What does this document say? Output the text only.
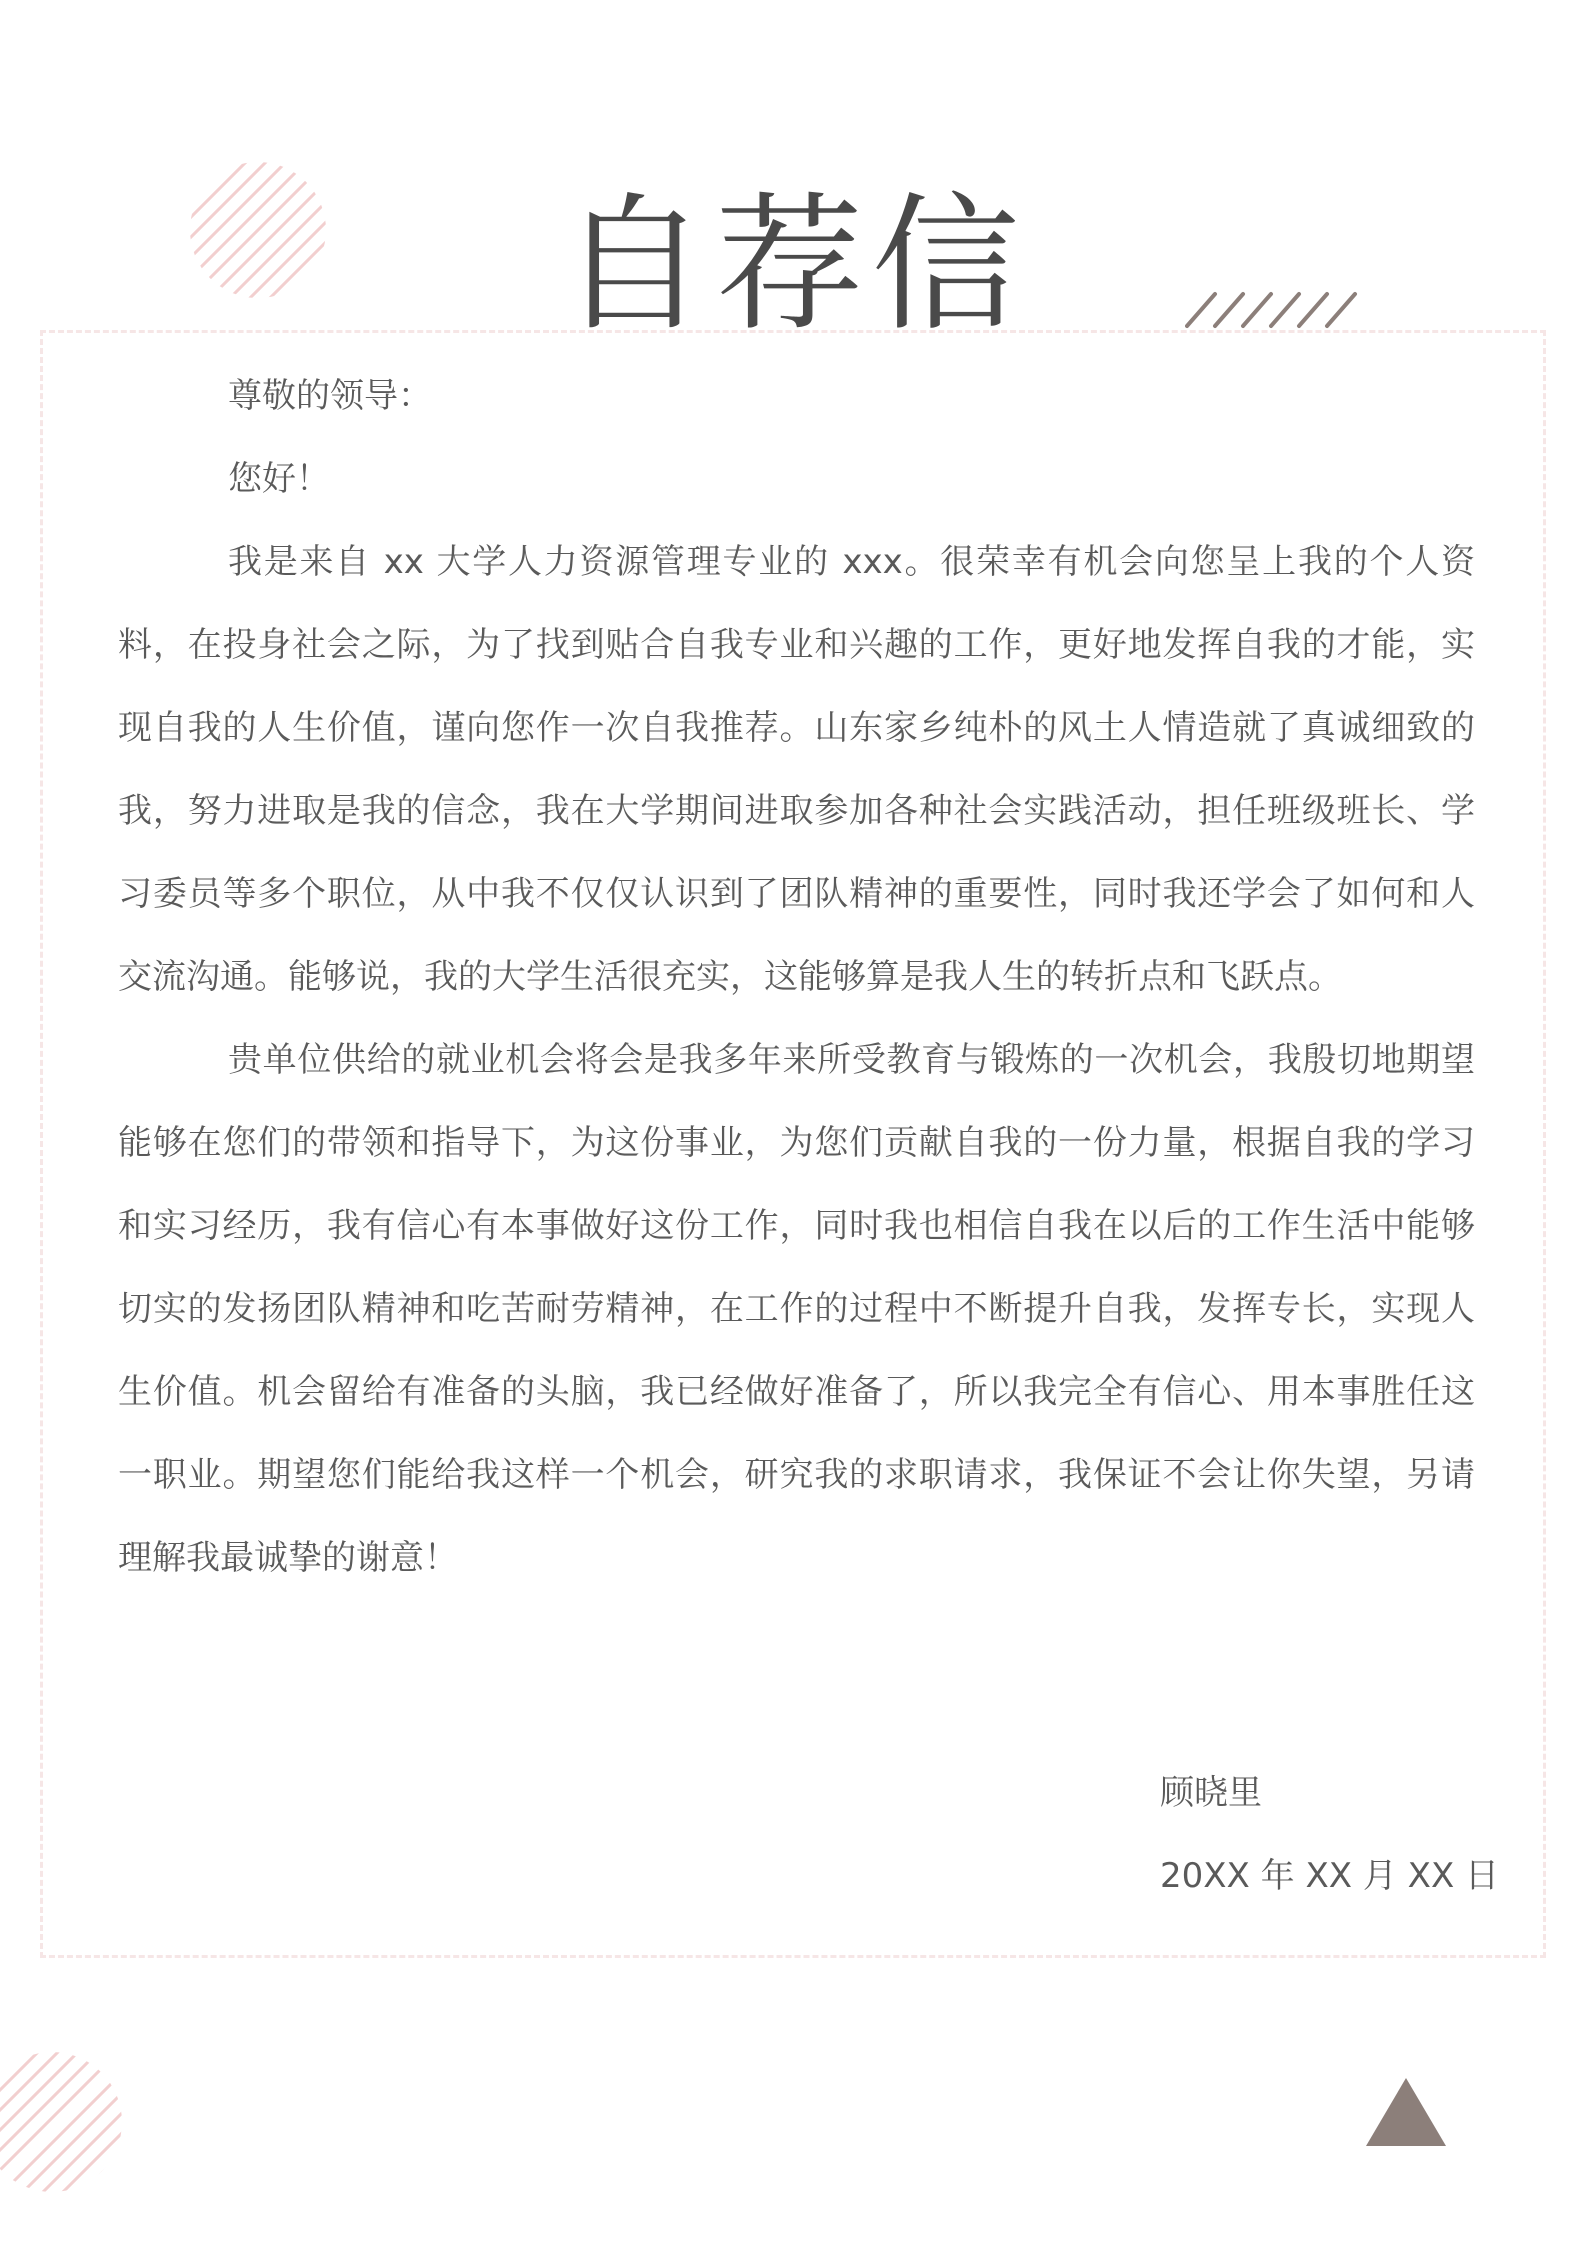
自荐信

尊敬的领导：

您好！

我是来自 xx 大学人力资源管理专业的 xxx。很荣幸有机会向您呈上我的个人资料，在投身社会之际，为了找到贴合自我专业和兴趣的工作，更好地发挥自我的才能，实现自我的人生价值，谨向您作一次自我推荐。山东家乡纯朴的风土人情造就了真诚细致的我，努力进取是我的信念，我在大学期间进取参加各种社会实践活动，担任班级班长、学习委员等多个职位，从中我不仅仅认识到了团队精神的重要性，同时我还学会了如何和人交流沟通。能够说，我的大学生活很充实，这能够算是我人生的转折点和飞跃点。

贵单位供给的就业机会将会是我多年来所受教育与锻炼的一次机会，我殷切地期望能够在您们的带领和指导下，为这份事业，为您们贡献自我的一份力量，根据自我的学习和实习经历，我有信心有本事做好这份工作，同时我也相信自我在以后的工作生活中能够切实的发扬团队精神和吃苦耐劳精神，在工作的过程中不断提升自我，发挥专长，实现人生价值。机会留给有准备的头脑，我已经做好准备了，所以我完全有信心、用本事胜任这一职业。期望您们能给我这样一个机会，研究我的求职请求，我保证不会让你失望，另请理解我最诚挚的谢意！

顾晓里
20XX 年 XX 月 XX 日
